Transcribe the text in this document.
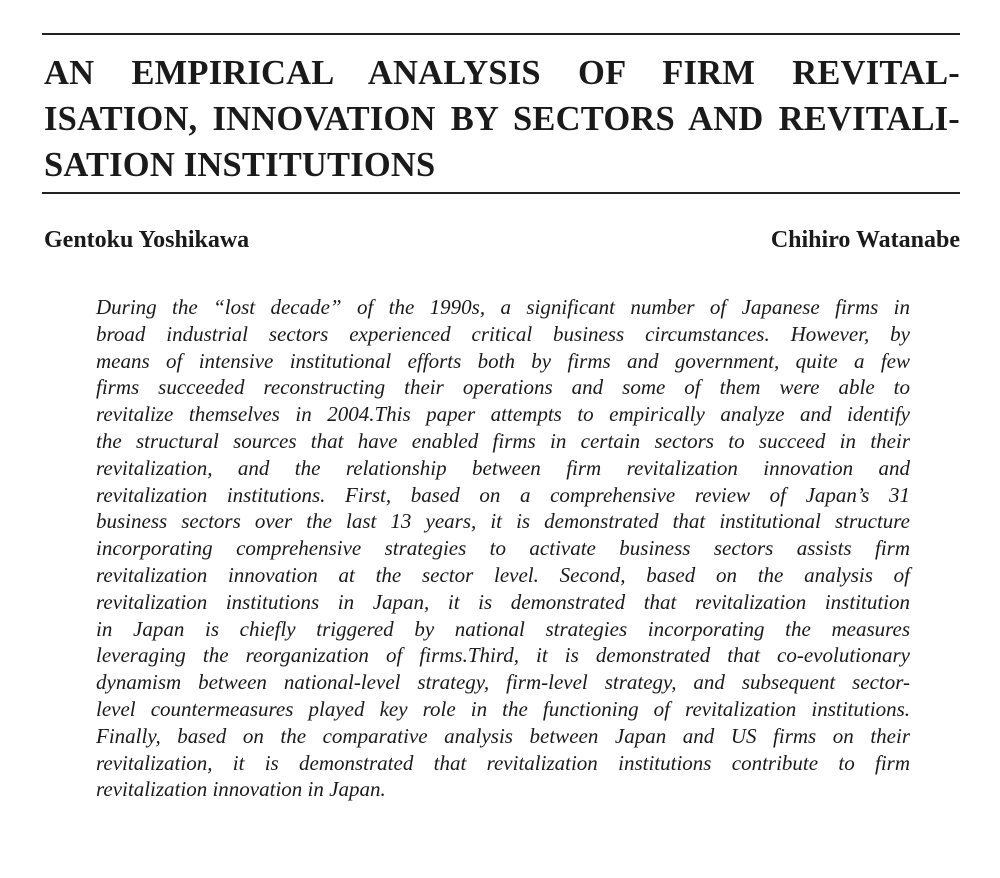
AN EMPIRICAL ANALYSIS OF FIRM REVITAL-
ISATION, INNOVATION BY SECTORS AND REVITALI-
SATION INSTITUTIONS
Gentoku Yoshikawa	Chihiro Watanabe
During the “lost decade” of the 1990s, a significant number of Japanese firms in
broad industrial sectors experienced critical business circumstances. However, by
means of intensive institutional efforts both by firms and government, quite a few
firms succeeded reconstructing their operations and some of them were able to
revitalize themselves in 2004.This paper attempts to empirically analyze and identify
the structural sources that have enabled firms in certain sectors to succeed in their
revitalization, and the relationship between firm revitalization innovation and
revitalization institutions. First, based on a comprehensive review of Japan’s 31
business sectors over the last 13 years, it is demonstrated that institutional structure
incorporating comprehensive strategies to activate business sectors assists firm
revitalization innovation at the sector level. Second, based on the analysis of
revitalization institutions in Japan, it is demonstrated that revitalization institution
in Japan is chiefly triggered by national strategies incorporating the measures
leveraging the reorganization of firms.Third, it is demonstrated that co-evolutionary
dynamism between national-level strategy, firm-level strategy, and subsequent sector-
level countermeasures played key role in the functioning of revitalization institutions.
Finally, based on the comparative analysis between Japan and US firms on their
revitalization, it is demonstrated that revitalization institutions contribute to firm
revitalization innovation in Japan.
